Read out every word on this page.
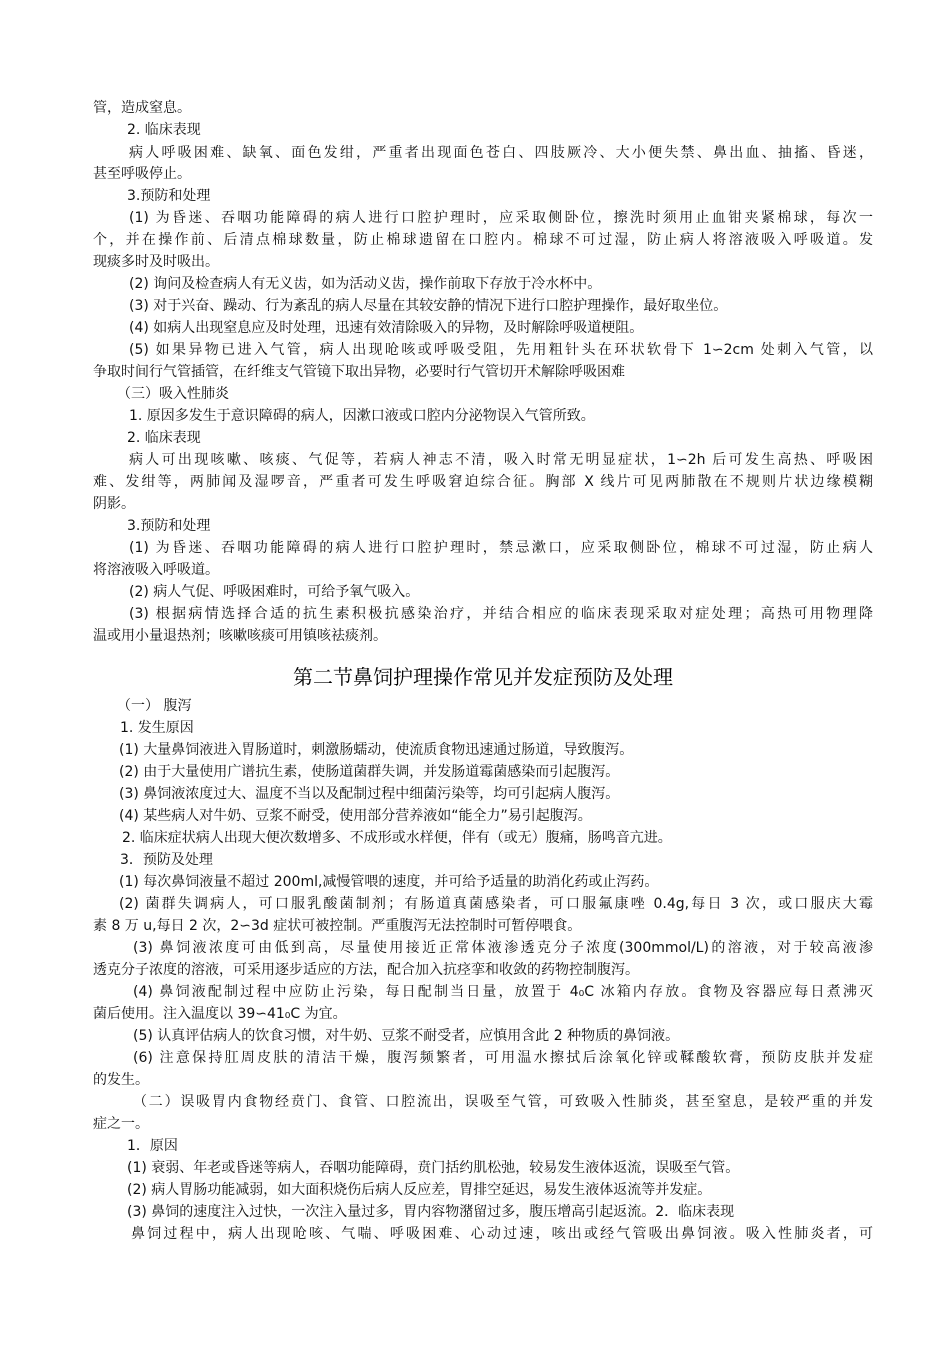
管，造成窒息。
2. 临床表现
病人呼吸困难、缺氧、面色发绀，严重者出现面色苍白、四肢厥冷、大小便失禁、鼻出血、抽搐、昏迷，
甚至呼吸停止。
3.预防和处理
(1) 为昏迷、吞咽功能障碍的病人进行口腔护理时，应采取侧卧位，擦洗时须用止血钳夹紧棉球，每次一
个，并在操作前、后清点棉球数量，防止棉球遗留在口腔内。棉球不可过湿，防止病人将溶液吸入呼吸道。发
现痰多时及时吸出。
(2) 询问及检查病人有无义齿，如为活动义齿，操作前取下存放于冷水杯中。
(3) 对于兴奋、躁动、行为紊乱的病人尽量在其较安静的情况下进行口腔护理操作，最好取坐位。
(4) 如病人出现窒息应及时处理，迅速有效清除吸入的异物，及时解除呼吸道梗阻。
(5) 如果异物已进入气管，病人出现呛咳或呼吸受阻，先用粗针头在环状软骨下 1∽2cm 处刺入气管，以
争取时间行气管插管，在纤维支气管镜下取出异物，必要时行气管切开术解除呼吸困难
（三）吸入性肺炎
1. 原因多发生于意识障碍的病人，因漱口液或口腔内分泌物误入气管所致。
2. 临床表现
病人可出现咳嗽、咳痰、气促等，若病人神志不清，吸入时常无明显症状，1∽2h 后可发生高热、呼吸困
难、发绀等，两肺闻及湿啰音，严重者可发生呼吸窘迫综合征。胸部 X 线片可见两肺散在不规则片状边缘模糊
阴影。
3.预防和处理
(1) 为昏迷、吞咽功能障碍的病人进行口腔护理时，禁忌漱口，应采取侧卧位，棉球不可过湿，防止病人
将溶液吸入呼吸道。
(2) 病人气促、呼吸困难时，可给予氧气吸入。
(3) 根据病情选择合适的抗生素积极抗感染治疗，并结合相应的临床表现采取对症处理；高热可用物理降
温或用小量退热剂；咳嗽咳痰可用镇咳祛痰剂。
第二节鼻饲护理操作常见并发症预防及处理
（一） 腹泻
1. 发生原因
(1) 大量鼻饲液进入胃肠道时，刺激肠蠕动，使流质食物迅速通过肠道，导致腹泻。
(2) 由于大量使用广谱抗生素，使肠道菌群失调，并发肠道霉菌感染而引起腹泻。
(3) 鼻饲液浓度过大、温度不当以及配制过程中细菌污染等，均可引起病人腹泻。
(4) 某些病人对牛奶、豆浆不耐受，使用部分营养液如“能全力”易引起腹泻。
2. 临床症状病人出现大便次数增多、不成形或水样便，伴有（或无）腹痛，肠鸣音亢进。
3．预防及处理
(1) 每次鼻饲液量不超过 200ml,减慢管喂的速度，并可给予适量的助消化药或止泻药。
(2) 菌群失调病人，可口服乳酸菌制剂；有肠道真菌感染者，可口服氟康唑 0.4g,每日 3 次，或口服庆大霉
素 8 万 u,每日 2 次，2∽3d 症状可被控制。严重腹泻无法控制时可暂停喂食。
(3) 鼻饲液浓度可由低到高，尽量使用接近正常体液渗透克分子浓度(300mmol/L)的溶液，对于较高液渗
透克分子浓度的溶液，可采用逐步适应的方法，配合加入抗痉挛和收敛的药物控制腹泻。
(4) 鼻饲液配制过程中应防止污染，每日配制当日量，放置于 4₀C 冰箱内存放。食物及容器应每日煮沸灭
菌后使用。注入温度以 39∽41₀C 为宜。
(5) 认真评估病人的饮食习惯，对牛奶、豆浆不耐受者，应慎用含此 2 种物质的鼻饲液。
(6) 注意保持肛周皮肤的清洁干燥，腹泻频繁者，可用温水擦拭后涂氧化锌或鞣酸软膏，预防皮肤并发症
的发生。
（二）误吸胃内食物经贲门、食管、口腔流出，误吸至气管，可致吸入性肺炎，甚至窒息，是较严重的并发
症之一。
1．原因
(1) 衰弱、年老或昏迷等病人，吞咽功能障碍，贲门括约肌松弛，较易发生液体返流，误吸至气管。
(2) 病人胃肠功能减弱，如大面积烧伤后病人反应差，胃排空延迟，易发生液体返流等并发症。
(3) 鼻饲的速度注入过快，一次注入量过多，胃内容物潴留过多，腹压增高引起返流。2．临床表现
鼻饲过程中，病人出现呛咳、气喘、呼吸困难、心动过速，咳出或经气管吸出鼻饲液。吸入性肺炎者，可
